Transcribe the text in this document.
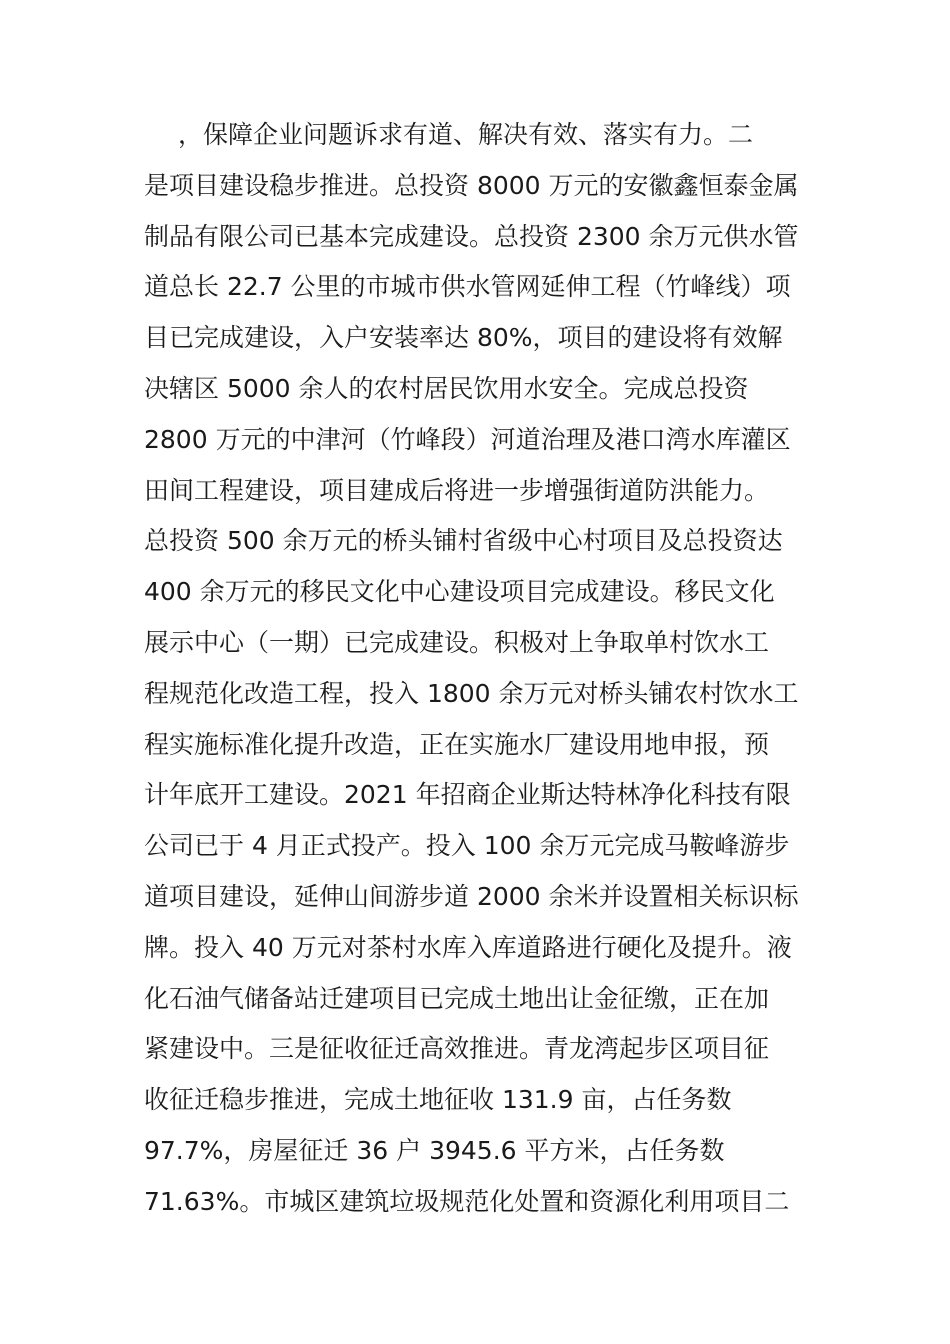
，保障企业问题诉求有道、解决有效、落实有力。二
是项目建设稳步推进。总投资 8000 万元的安徽鑫恒泰金属
制品有限公司已基本完成建设。总投资 2300 余万元供水管
道总长 22.7 公里的市城市供水管网延伸工程（竹峰线）项
目已完成建设，入户安装率达 80%，项目的建设将有效解
决辖区 5000 余人的农村居民饮用水安全。完成总投资
2800 万元的中津河（竹峰段）河道治理及港口湾水库灌区
田间工程建设，项目建成后将进一步增强街道防洪能力。
总投资 500 余万元的桥头铺村省级中心村项目及总投资达
400 余万元的移民文化中心建设项目完成建设。移民文化
展示中心（一期）已完成建设。积极对上争取单村饮水工
程规范化改造工程，投入 1800 余万元对桥头铺农村饮水工
程实施标准化提升改造，正在实施水厂建设用地申报，预
计年底开工建设。2021 年招商企业斯达特林净化科技有限
公司已于 4 月正式投产。投入 100 余万元完成马鞍峰游步
道项目建设，延伸山间游步道 2000 余米并设置相关标识标
牌。投入 40 万元对茶村水库入库道路进行硬化及提升。液
化石油气储备站迁建项目已完成土地出让金征缴，正在加
紧建设中。三是征收征迁高效推进。青龙湾起步区项目征
收征迁稳步推进，完成土地征收 131.9 亩，占任务数
97.7%，房屋征迁 36 户 3945.6 平方米，占任务数
71.63%。市城区建筑垃圾规范化处置和资源化利用项目二
